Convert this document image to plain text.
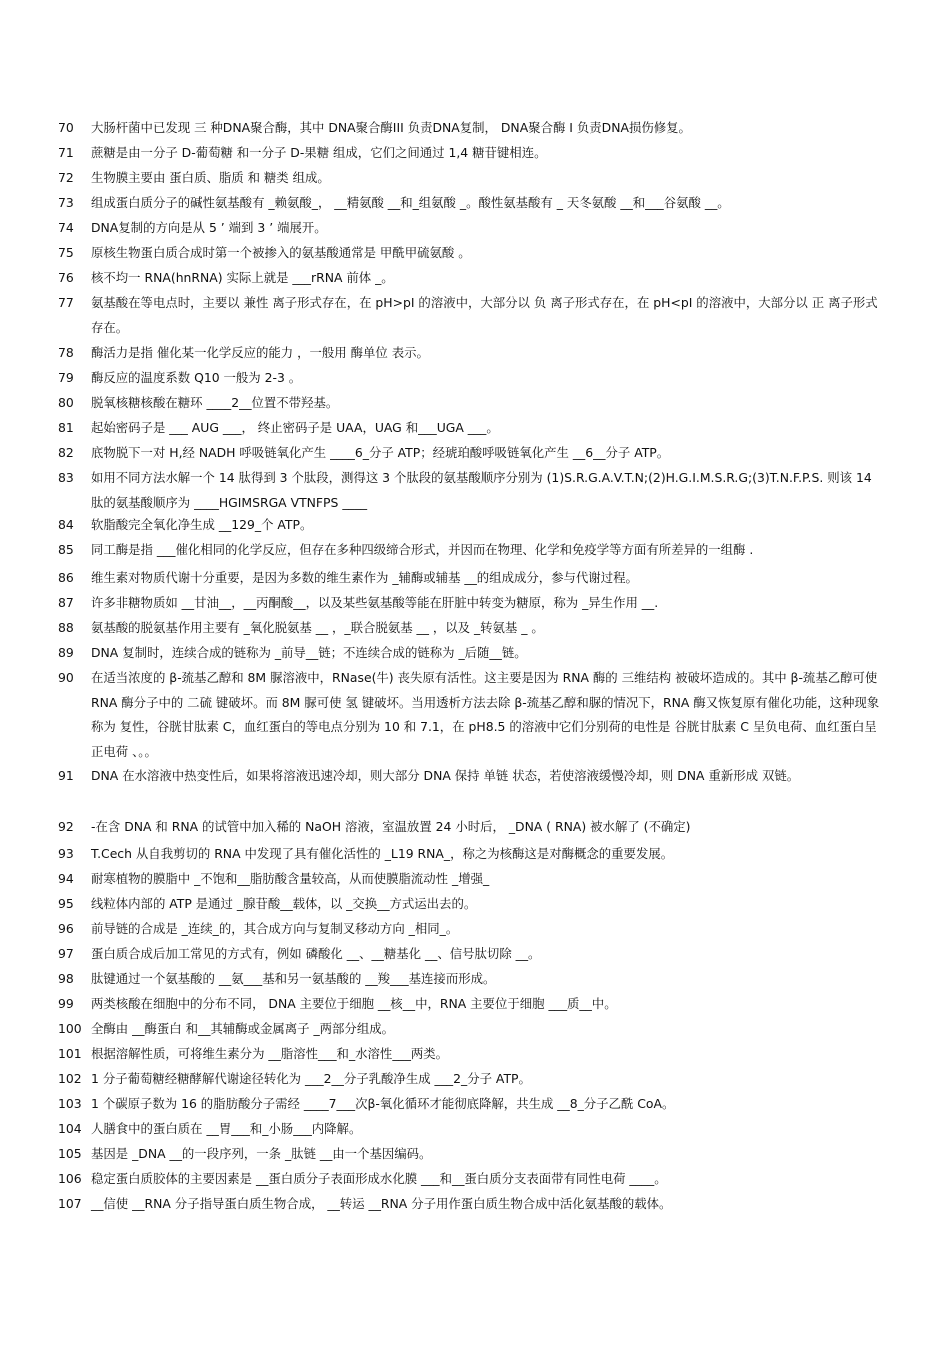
70 大肠杆菌中已发现 三 种DNA聚合酶，其中 DNA聚合酶III 负责DNA复制， DNA聚合酶 I 负责DNA损伤修复。
71 蔗糖是由一分子 D-葡萄糖 和一分子 D-果糖 组成，它们之间通过 1,4 糖苷键相连。
72 生物膜主要由 蛋白质、脂质 和 糖类 组成。
73 组成蛋白质分子的碱性氨基酸有 _赖氨酸_， __精氨酸 __和_组氨酸 _。酸性氨基酸有 _ 天冬氨酸 __和___谷氨酸 __。
74 DNA复制的方向是从 5 ’ 端到 3 ’ 端展开。
75 原核生物蛋白质合成时第一个被掺入的氨基酸通常是 甲酰甲硫氨酸 。
76 核不均一 RNA(hnRNA) 实际上就是 ___rRNA 前体 _。
77 氨基酸在等电点时，主要以 兼性 离子形式存在，在 pH>pI 的溶液中，大部分以 负 离子形式存在，在 pH<pI 的溶液中，大部分以 正 离子形式存在。
78 酶活力是指 催化某一化学反应的能力 ，一般用 酶单位 表示。
79 酶反应的温度系数 Q10 一般为 2-3 。
80 脱氧核糖核酸在糖环 ____2__位置不带羟基。
81 起始密码子是 ___ AUG ___， 终止密码子是 UAA，UAG 和___UGA ___。
82 底物脱下一对 H,经 NADH 呼吸链氧化产生 ____6_分子 ATP；经琥珀酸呼吸链氧化产生 __6__分子 ATP。
83 如用不同方法水解一个 14 肽得到 3 个肽段，测得这 3 个肽段的氨基酸顺序分别为 (1)S.R.G.A.V.T.N;(2)H.G.I.M.S.R.G;(3)T.N.F.P.S. 则该 14 肽的氨基酸顺序为 ____HGIMSRGA VTNFPS ____
84 软脂酸完全氧化净生成 __129_个 ATP。
85 同工酶是指 ___催化相同的化学反应，但存在多种四级缔合形式，并因而在物理、化学和免疫学等方面有所差异的一组酶 .
86 维生素对物质代谢十分重要，是因为多数的维生素作为 _辅酶或辅基 __的组成成分，参与代谢过程。
87 许多非糖物质如 __甘油__，__丙酮酸__，以及某些氨基酸等能在肝脏中转变为糖原，称为 _异生作用 __.
88 氨基酸的脱氨基作用主要有 _氧化脱氨基 __ ，_联合脱氨基 __ ，以及 _转氨基 _ 。
89 DNA 复制时，连续合成的链称为 _前导__链；不连续合成的链称为 _后随__链。
90 在适当浓度的 β-巯基乙醇和 8M 脲溶液中，RNase(牛) 丧失原有活性。这主要是因为 RNA 酶的 三维结构 被破坏造成的。其中 β-巯基乙醇可使 RNA 酶分子中的 二硫 键破坏。而 8M 脲可使 氢 键破坏。当用透析方法去除 β-巯基乙醇和脲的情况下，RNA 酶又恢复原有催化功能，这种现象称为 复性，谷胱甘肽素 C，血红蛋白的等电点分别为 10 和 7.1，在 pH8.5 的溶液中它们分别荷的电性是 谷胱甘肽素 C 呈负电荷、血红蛋白呈正电荷 、。。
91 DNA 在水溶液中热变性后，如果将溶液迅速冷却，则大部分 DNA 保持 单链 状态，若使溶液缓慢冷却，则 DNA 重新形成 双链。
92 -在含 DNA 和 RNA 的试管中加入稀的 NaOH 溶液，室温放置 24 小时后， _DNA ( RNA) 被水解了 (不确定)
93 T.Cech 从自我剪切的 RNA 中发现了具有催化活性的 _L19 RNA_，称之为核酶这是对酶概念的重要发展。
94 耐寒植物的膜脂中 _不饱和__脂肪酸含量较高，从而使膜脂流动性 _增强_
95 线粒体内部的 ATP 是通过 _腺苷酸__载体，以 _交换__方式运出去的。
96 前导链的合成是 _连续_的，其合成方向与复制叉移动方向 _相同_。
97 蛋白质合成后加工常见的方式有，例如 磷酸化 __、__糖基化 __、信号肽切除 __。
98 肽键通过一个氨基酸的 __氨___基和另一氨基酸的 __羧___基连接而形成。
99 两类核酸在细胞中的分布不同， DNA 主要位于细胞 __核__中，RNA 主要位于细胞 ___质__中。
100 全酶由 __酶蛋白 和__其辅酶或金属离子 _两部分组成。
101 根据溶解性质，可将维生素分为 __脂溶性___和_水溶性___两类。
102 1 分子葡萄糖经糖酵解代谢途径转化为 ___2__分子乳酸净生成 ___2_分子 ATP。
103 1 个碳原子数为 16 的脂肪酸分子需经 ____7___次β-氧化循环才能彻底降解，共生成 __8_分子乙酰 CoA。
104 人膳食中的蛋白质在 __胃___和_小肠___内降解。
105 基因是 _DNA __的一段序列，一条 _肽链 __由一个基因编码。
106 稳定蛋白质胶体的主要因素是 __蛋白质分子表面形成水化膜 ___和__蛋白质分支表面带有同性电荷 ____。
107 __信使 __RNA 分子指导蛋白质生物合成， __转运 __RNA 分子用作蛋白质生物合成中活化氨基酸的载体。
